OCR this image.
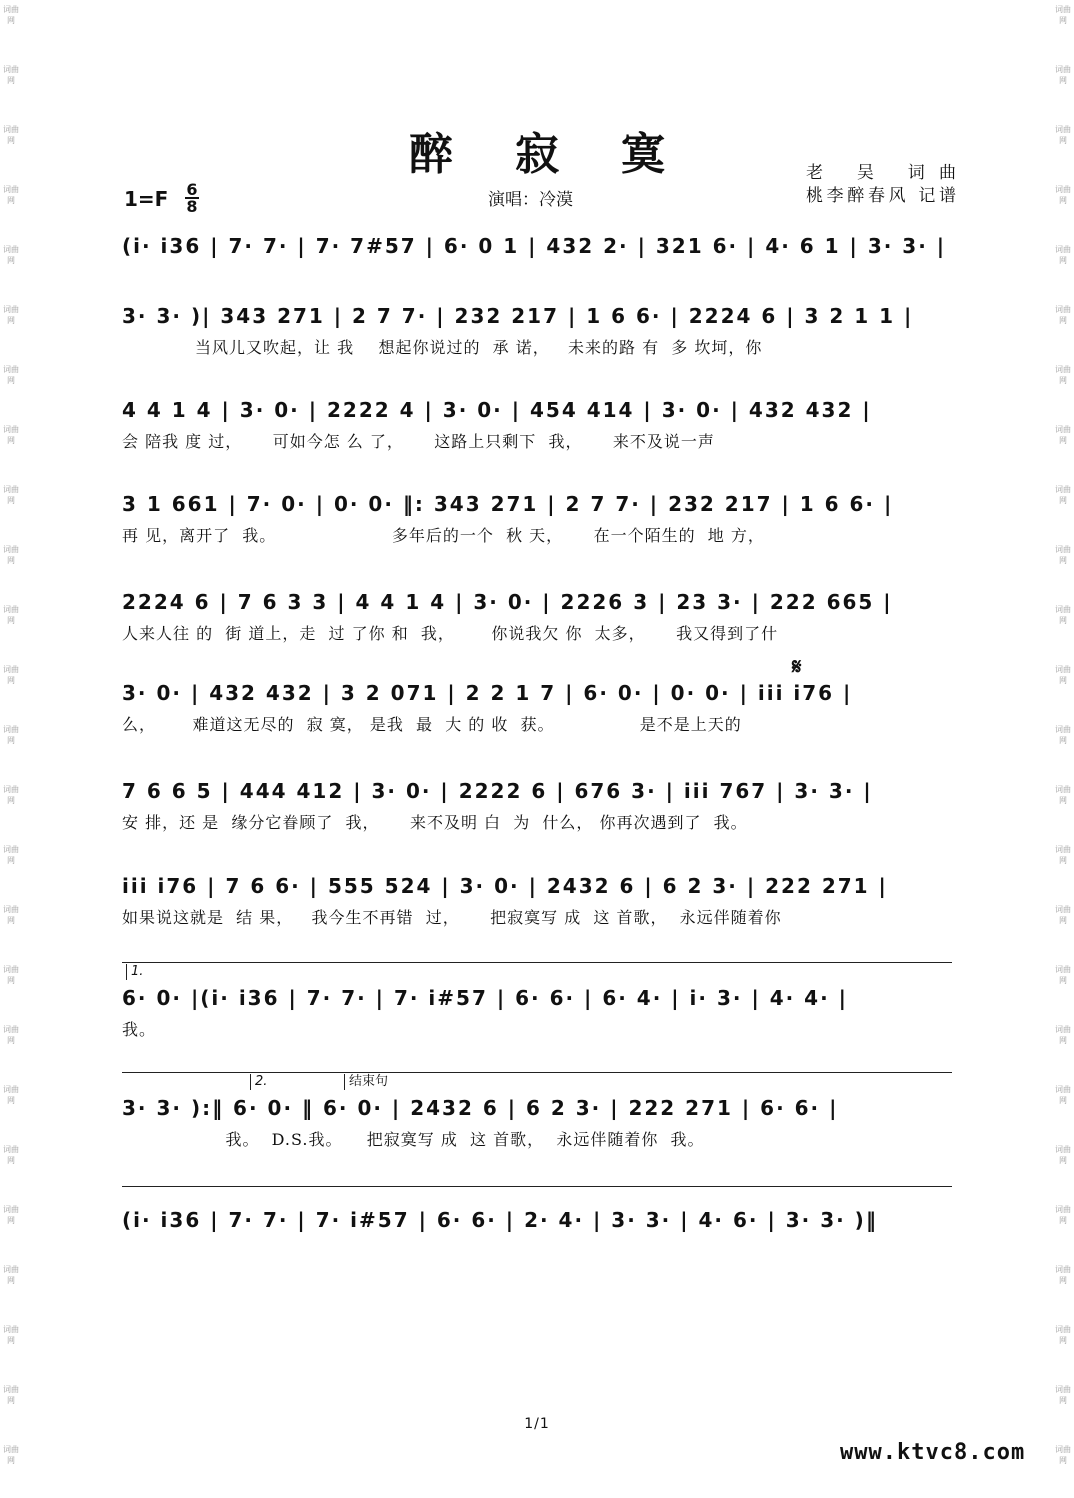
词曲网
词曲网
词曲网
词曲网
词曲网
词曲网
词曲网
词曲网
词曲网
词曲网
词曲网
词曲网
词曲网
词曲网
词曲网
词曲网
词曲网
词曲网
词曲网
词曲网
词曲网
词曲网
词曲网
词曲网
词曲网
词曲网
词曲网
词曲网
词曲网
词曲网
词曲网
词曲网
词曲网
词曲网
词曲网
词曲网
词曲网
词曲网
词曲网
词曲网
词曲网
词曲网
词曲网
词曲网
词曲网
词曲网
词曲网
词曲网
词曲网
词曲网
醉寂寞	老 吴 词曲
桃李醉春风 记谱
演唱：冷漠
1=F 6
8
(i· i36 | 7· 7· | 7· 7#57 | 6· 0 1 | 432 2· | 321 6· | 4· 6 1 | 3· 3· |
3· 3· )| 343 271 | 2 7 7· | 232 217 | 1 6 6· | 2224 6 | 3 2 1 1 |
当风儿又吹起，让 我    想起你说过的  承 诺，   未来的路 有  多 坎坷，你
4 4 1 4 | 3· 0· | 2222 4 | 3· 0· | 454 414 | 3· 0· | 432 432 |
会 陪我 度 过，     可如今怎 么 了，     这路上只剩下  我，     来不及说一声
3 1 661 | 7· 0· | 0· 0· ‖: 343 271 | 2 7 7· | 232 217 | 1 6 6· |
再 见，离开了  我。                   多年后的一个  秋 天，     在一个陌生的  地 方，
2224 6 | 7 6 3 3 | 4 4 1 4 | 3· 0· | 2226 3 | 23 3· | 222 665 |
人来人往 的  街 道上，走  过 了你 和  我，      你说我欠 你  太多，     我又得到了什
𝄋
3· 0· | 432 432 | 3 2 071 | 2 2 1 7 | 6· 0· | 0· 0· | iii i76 |
么，      难道这无尽的  寂 寞， 是我  最  大 的 收  获。              是不是上天的
7 6 6 5 | 444 412 | 3· 0· | 2222 6 | 676 3· | iii 767 | 3· 3· |
安 排，还 是  缘分它眷顾了  我，     来不及明 白  为  什么， 你再次遇到了  我。
iii i76 | 7 6 6· | 555 524 | 3· 0· | 2432 6 | 6 2 3· | 222 271 |
如果说这就是  结 果，   我今生不再错  过，     把寂寞写 成  这 首歌，  永远伴随着你
1.
6· 0· |(i· i36 | 7· 7· | 7· i#57 | 6· 6· | 6· 4· | i· 3· | 4· 4· |
我。
2.	结束句
3· 3· ):‖ 6· 0· ‖ 6· 0· | 2432 6 | 6 2 3· | 222 271 | 6· 6· |
我。  D.S.我。    把寂寞写 成  这 首歌，  永远伴随着你  我。
(i· i36 | 7· 7· | 7· i#57 | 6· 6· | 2· 4· | 3· 3· | 4· 6· | 3· 3· )‖
1/1
www.ktvc8.com
